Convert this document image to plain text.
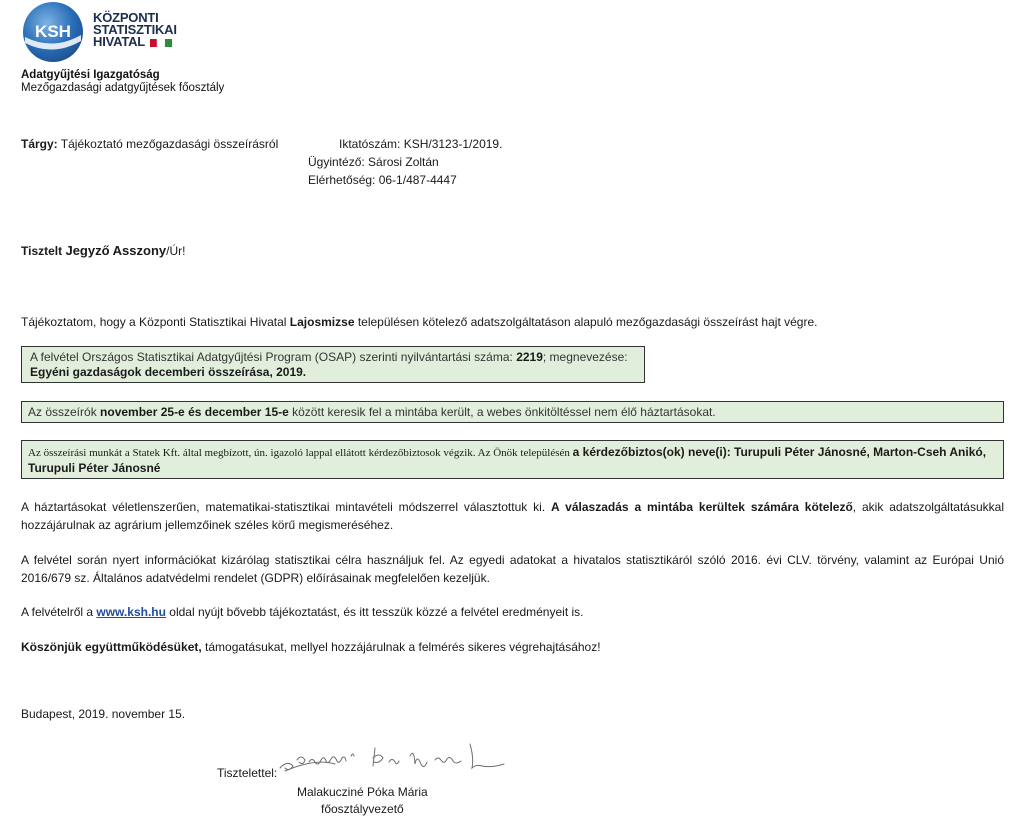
KSH
KÖZPONTI
STATISZTIKAI
HIVATAL
Adatgyűjtési Igazgatóság
Mezőgazdasági adatgyűjtések főosztály
Tárgy: Tájékoztató mezőgazdasági összeírásról	Iktatószám: KSH/3123-1/2019.
Ügyintéző: Sárosi Zoltán
Elérhetőség: 06-1/487-4447
Tisztelt Jegyző Asszony/Úr!
Tájékoztatom, hogy a Központi Statisztikai Hivatal Lajosmizse településen kötelező adatszolgáltatáson alapuló mezőgazdasági összeírást hajt végre.
A felvétel Országos Statisztikai Adatgyűjtési Program (OSAP) szerinti nyilvántartási száma: 2219; megnevezése:
Egyéni gazdaságok decemberi összeírása, 2019.
Az összeírók november 25-e és december 15-e között keresik fel a mintába került, a webes önkitöltéssel nem élő háztartásokat.
Az összeírási munkát a Statek Kft. által megbízott, ún. igazoló lappal ellátott kérdezőbiztosok végzik. Az Önök településén a kérdezőbiztos(ok) neve(i): Turupuli Péter Jánosné, Marton-Cseh Anikó, Turupuli Péter Jánosné
A háztartásokat véletlenszerűen, matematikai-statisztikai mintavételi módszerrel választottuk ki. A válaszadás a mintába kerültek számára kötelező, akik adatszolgáltatásukkal hozzájárulnak az agrárium jellemzőinek széles körű megismeréséhez.
A felvétel során nyert információkat kizárólag statisztikai célra használjuk fel. Az egyedi adatokat a hivatalos statisztikáról szóló 2016. évi CLV. törvény, valamint az Európai Unió 2016/679 sz. Általános adatvédelmi rendelet (GDPR) előírásainak megfelelően kezeljük.
A felvételről a www.ksh.hu oldal nyújt bővebb tájékoztatást, és itt tesszük közzé a felvétel eredményeit is.
Köszönjük együttműködésüket, támogatásukat, mellyel hozzájárulnak a felmérés sikeres végrehajtásához!
Budapest, 2019. november 15.
Tisztelettel:
Malakucziné Póka Mária
főosztályvezető
